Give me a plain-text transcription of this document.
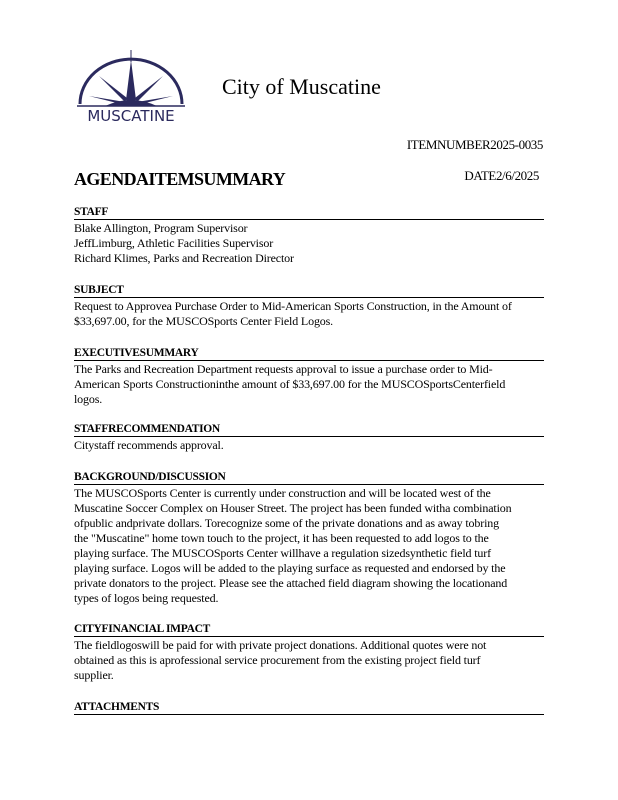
MUSCATINE
City of Muscatine
ITEMNUMBER2025-0035
DATE2/6/2025
AGENDAITEMSUMMARY
STAFF

Blake Allington, Program Supervisor

JeffLimburg, Athletic Facilities Supervisor

Richard Klimes, Parks and Recreation Director

SUBJECT

Request to Approvea Purchase Order to Mid-American Sports Construction, in the Amount of

$33,697.00, for the MUSCOSports Center Field Logos.

EXECUTIVESUMMARY

The Parks and Recreation Department requests approval to issue a purchase order to Mid-

American Sports Constructioninthe amount of $33,697.00 for the MUSCOSportsCenterfield

logos.

STAFFRECOMMENDATION

Citystaff recommends approval.

BACKGROUND/DISCUSSION

The MUSCOSports Center is currently under construction and will be located west of the

Muscatine Soccer Complex on Houser Street. The project has been funded witha combination

ofpublic andprivate dollars. Torecognize some of the private donations and as away tobring

the "Muscatine" home town touch to the project, it has been requested to add logos to the

playing surface. The MUSCOSports Center willhave a regulation sizedsynthetic field turf

playing surface. Logos will be added to the playing surface as requested and endorsed by the

private donators to the project. Please see the attached field diagram showing the locationand

types of logos being requested.

CITYFINANCIAL IMPACT

The fieldlogoswill be paid for with private project donations. Additional quotes were not

obtained as this is aprofessional service procurement from the existing project field turf

supplier.

ATTACHMENTS
